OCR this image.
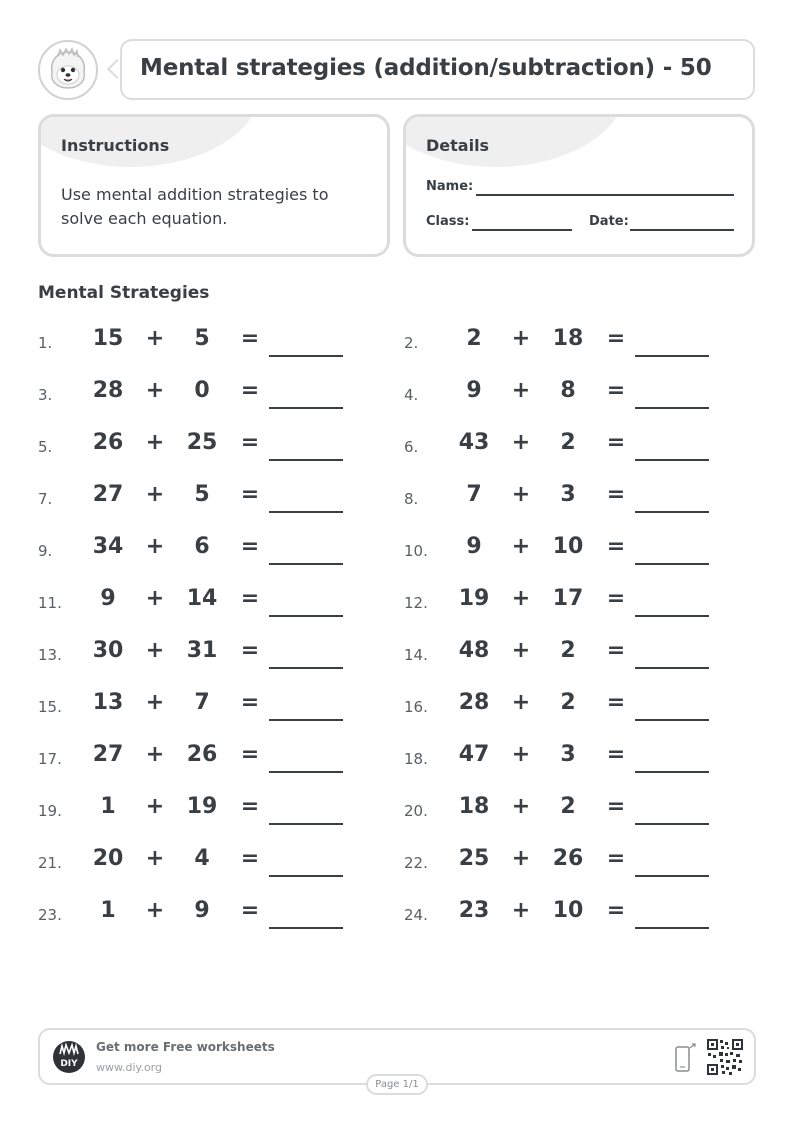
Mental strategies (addition/subtraction) - 50
Instructions
Use mental addition strategies to solve each equation.
Details
Name:
Class:	Date:
Mental Strategies
1.	15	+	5	=	2.	2	+	18	=
3.	28	+	0	=	4.	9	+	8	=
5.	26	+	25	=	6.	43	+	2	=
7.	27	+	5	=	8.	7	+	3	=
9.	34	+	6	=	10.	9	+	10	=
11.	9	+	14	=	12.	19	+	17	=
13.	30	+	31	=	14.	48	+	2	=
15.	13	+	7	=	16.	28	+	2	=
17.	27	+	26	=	18.	47	+	3	=
19.	1	+	19	=	20.	18	+	2	=
21.	20	+	4	=	22.	25	+	26	=
23.	1	+	9	=	24.	23	+	10	=
DIY
Get more Free worksheets
www.diy.org
Page 1/1
